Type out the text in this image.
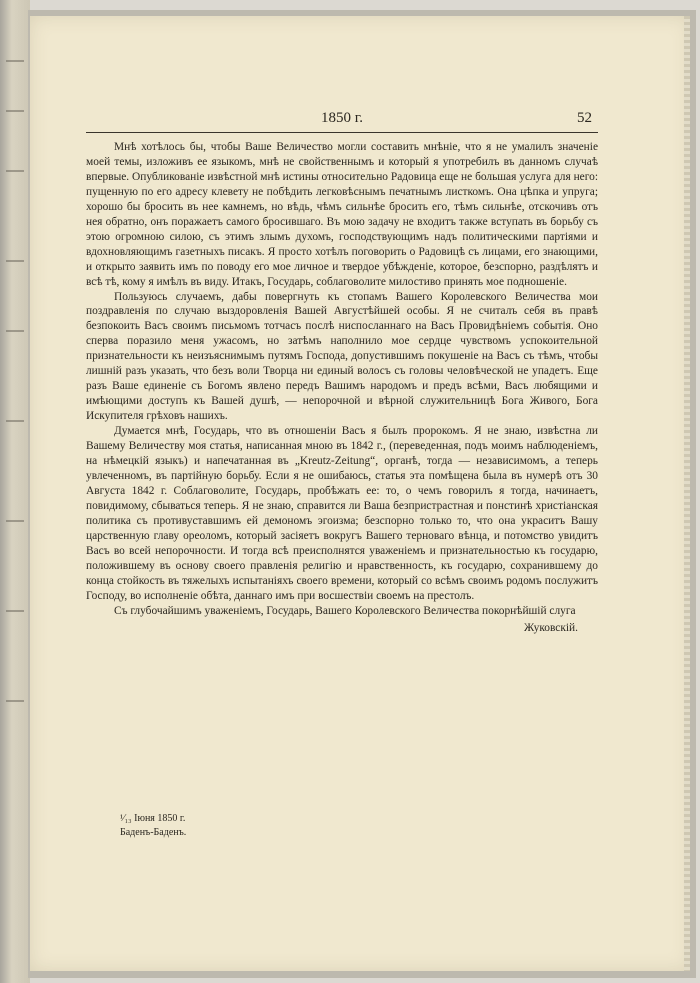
1850 г.	52

Мнѣ хотѣлось бы, чтобы Ваше Величество могли составить мнѣніе, что я не умалилъ значеніе моей темы, изложивъ ее языкомъ, мнѣ не свойственнымъ и который я употребилъ въ данномъ случаѣ впервые. Опубликованіе извѣстной мнѣ истины относительно Радовица еще не большая услуга для него: пущенную по его адресу клевету не побѣдить легковѣснымъ печатнымъ листкомъ. Она цѣпка и упруга; хорошо бы бросить въ нее камнемъ, но вѣдь, чѣмъ сильнѣе бросить его, тѣмъ сильнѣе, отскочивъ отъ нея обратно, онъ поражаетъ самого бросившаго. Въ мою задачу не входитъ также вступать въ борьбу съ этою огромною силою, съ этимъ злымъ духомъ, господствующимъ надъ политическими партіями и вдохновляющимъ газетныхъ писакъ. Я просто хотѣлъ поговорить о Радовицѣ съ лицами, его знающими, и открыто заявить имъ по поводу его мое личное и твердое убѣжденіе, которое, безспорно, раздѣлятъ и всѣ тѣ, кому я имѣлъ въ виду. Итакъ, Государь, соблаговолите милостиво принять мое подношеніе.

Пользуюсь случаемъ, дабы повергнуть къ стопамъ Вашего Королевского Величества мои поздравленія по случаю выздоровленія Вашей Августѣйшей особы. Я не считалъ себя въ правѣ безпокоить Васъ своимъ письмомъ тотчасъ послѣ ниспосланнаго на Васъ Провидѣніемъ событія. Оно сперва поразило меня ужасомъ, но затѣмъ наполнило мое сердце чувствомъ успокоительной признательности къ неизъяснимымъ путямъ Господа, допустившимъ покушеніе на Васъ съ тѣмъ, чтобы лишній разъ указать, что безъ воли Творца ни единый волосъ съ головы человѣческой не упадетъ. Еще разъ Ваше единеніе съ Богомъ явлено передъ Вашимъ народомъ и предъ всѣми, Васъ любящими и имѣющими доступъ къ Вашей душѣ, — непорочной и вѣрной служительницѣ Бога Живого, Бога Искупителя грѣховъ нашихъ.

Думается мнѣ, Государь, что въ отношеніи Васъ я былъ пророкомъ. Я не знаю, извѣстна ли Вашему Величеству моя статья, написанная мною въ 1842 г., (переведенная, подъ моимъ наблюденіемъ, на нѣмецкій языкъ) и напечатанная въ „Kreutz-Zeitung“, органѣ, тогда — независимомъ, а теперь увлеченномъ, въ партійную борьбу. Если я не ошибаюсь, статья эта помѣщена была въ нумерѣ отъ 30 Августа 1842 г. Соблаговолите, Государь, пробѣжать ее: то, о чемъ говорилъ я тогда, начинаетъ, повидимому, сбываться теперь. Я не знаю, справится ли Ваша безпристрастная и понстинѣ христіанская политика съ противуставшимъ ей демономъ эгоизма; безспорно только то, что она украситъ Вашу царственную главу ореоломъ, который засіяетъ вокругъ Вашего терноваго вѣнца, и потомство увидитъ Васъ во всей непорочности. И тогда всѣ преисполнятся уваженіемъ и признательностью къ государю, положившему въ основу своего правленія религію и нравственность, къ государю, сохранившему до конца стойкость въ тяжелыхъ испытаніяхъ своего времени, который со всѣмъ своимъ родомъ послужитъ Господу, во исполненіе обѣта, даннаго имъ при восшествіи своемъ на престолъ.

Съ глубочайшимъ уваженіемъ, Государь, Вашего Королевского Величества покорнѣйшій слуга

Жуковскій.
¹⁄₁₃ Іюня 1850 г.
Баденъ-Баденъ.
